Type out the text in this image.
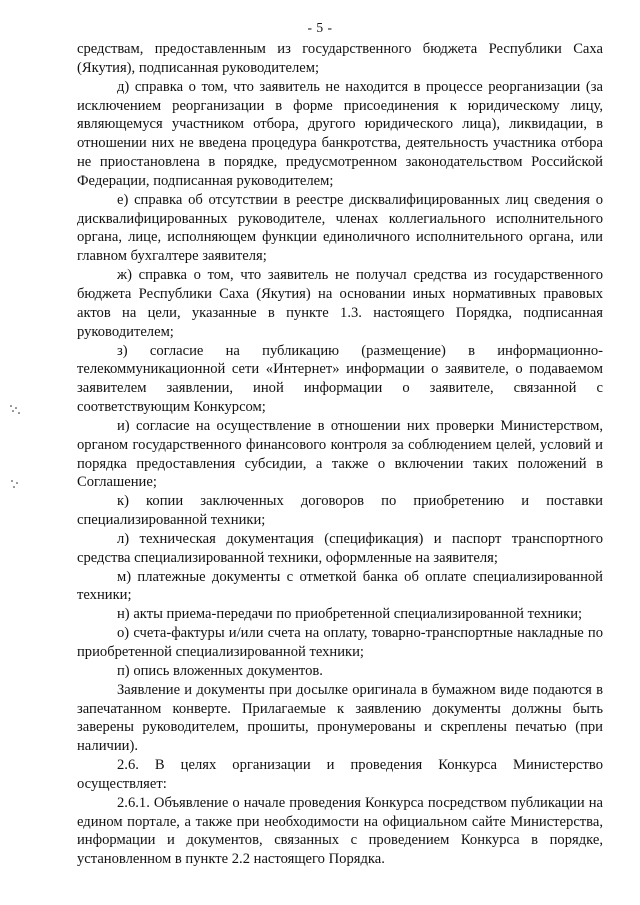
- 5 -

средствам, предоставленным из государственного бюджета Республики Саха (Якутия), подписанная руководителем;

д) справка о том, что заявитель не находится в процессе реорганизации (за исключением реорганизации в форме присоединения к юридическому лицу, являющемуся участником отбора, другого юридического лица), ликвидации, в отношении них не введена процедура банкротства, деятельность участника отбора не приостановлена в порядке, предусмотренном законодательством Российской Федерации, подписанная руководителем;

е) справка об отсутствии в реестре дисквалифицированных лиц сведения о дисквалифицированных руководителе, членах коллегиального исполнительного органа, лице, исполняющем функции единоличного исполнительного органа, или главном бухгалтере заявителя;

ж) справка о том, что заявитель не получал средства из государственного бюджета Республики Саха (Якутия) на основании иных нормативных правовых актов на цели, указанные в пункте 1.3. настоящего Порядка, подписанная руководителем;

з) согласие на публикацию (размещение) в информационно-телекоммуникационной сети «Интернет» информации о заявителе, о подаваемом заявителем заявлении, иной информации о заявителе, связанной с соответствующим Конкурсом;

и) согласие на осуществление в отношении них проверки Министерством, органом государственного финансового контроля за соблюдением целей, условий и порядка предоставления субсидии, а также о включении таких положений в Соглашение;

к) копии заключенных договоров по приобретению и поставки специализированной техники;

л) техническая документация (спецификация) и паспорт транспортного средства специализированной техники, оформленные на заявителя;

м) платежные документы с отметкой банка об оплате специализированной техники;

н) акты приема-передачи по приобретенной специализированной техники;

о) счета-фактуры и/или счета на оплату, товарно-транспортные накладные по приобретенной специализированной техники;

п) опись вложенных документов.

Заявление и документы при досылке оригинала в бумажном виде подаются в запечатанном конверте. Прилагаемые к заявлению документы должны быть заверены руководителем, прошиты, пронумерованы и скреплены печатью (при наличии).

2.6. В целях организации и проведения Конкурса Министерство осуществляет:

2.6.1. Объявление о начале проведения Конкурса посредством публикации на едином портале, а также при необходимости на официальном сайте Министерства, информации и документов, связанных с проведением Конкурса в порядке, установленном в пункте 2.2 настоящего Порядка.
